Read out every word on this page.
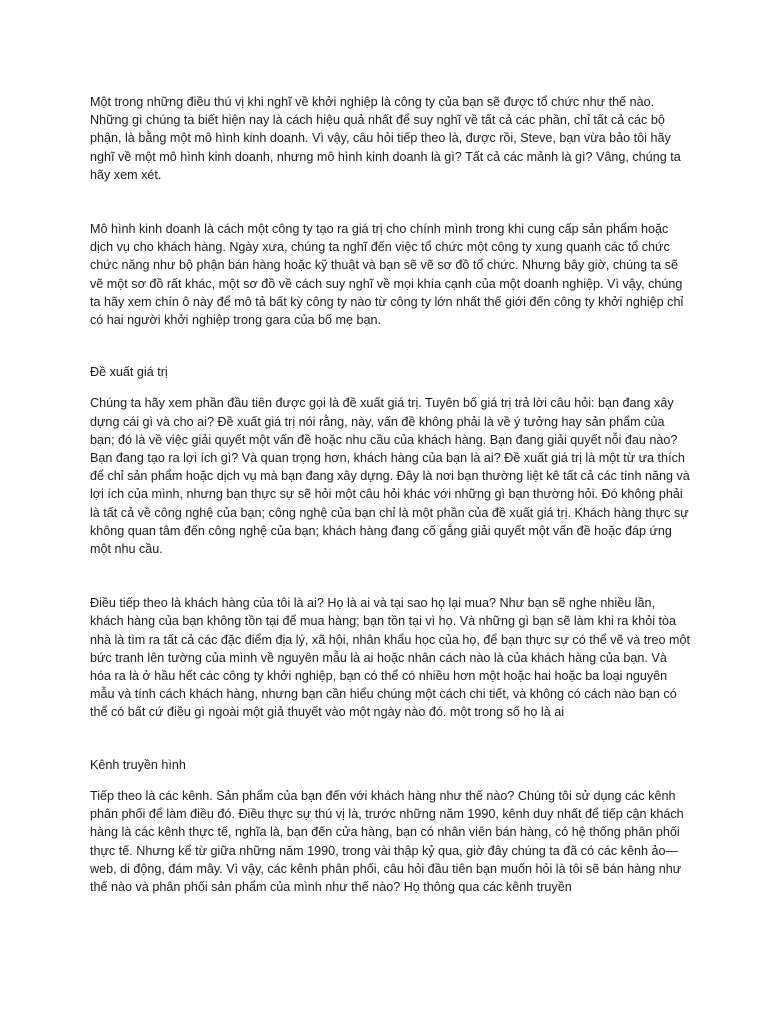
Một trong những điều thú vị khi nghĩ về khởi nghiệp là công ty của bạn sẽ được tổ chức như thế nào. Những gì chúng ta biết hiện nay là cách hiệu quả nhất để suy nghĩ về tất cả các phần, chỉ tất cả các bộ phận, là bằng một mô hình kinh doanh. Vì vậy, câu hỏi tiếp theo là, được rồi, Steve, bạn vừa bảo tôi hãy nghĩ về một mô hình kinh doanh, nhưng mô hình kinh doanh là gì? Tất cả các mảnh là gì? Vâng, chúng ta hãy xem xét.

Mô hình kinh doanh là cách một công ty tạo ra giá trị cho chính mình trong khi cung cấp sản phẩm hoặc dịch vụ cho khách hàng. Ngày xưa, chúng ta nghĩ đến việc tổ chức một công ty xung quanh các tổ chức chức năng như bộ phận bán hàng hoặc kỹ thuật và bạn sẽ vẽ sơ đồ tổ chức. Nhưng bây giờ, chúng ta sẽ vẽ một sơ đồ rất khác, một sơ đồ về cách suy nghĩ về mọi khía cạnh của một doanh nghiệp. Vì vậy, chúng ta hãy xem chín ô này để mô tả bất kỳ công ty nào từ công ty lớn nhất thế giới đến công ty khởi nghiệp chỉ có hai người khởi nghiệp trong gara của bố mẹ bạn.

Đề xuất giá trị

Chúng ta hãy xem phần đầu tiên được gọi là đề xuất giá trị. Tuyên bố giá trị trả lời câu hỏi: bạn đang xây dựng cái gì và cho ai? Đề xuất giá trị nói rằng, này, vấn đề không phải là về ý tưởng hay sản phẩm của bạn; đó là về việc giải quyết một vấn đề hoặc nhu cầu của khách hàng. Bạn đang giải quyết nỗi đau nào? Bạn đang tạo ra lợi ích gì? Và quan trọng hơn, khách hàng của bạn là ai? Đề xuất giá trị là một từ ưa thích để chỉ sản phẩm hoặc dịch vụ mà bạn đang xây dựng. Đây là nơi bạn thường liệt kê tất cả các tính năng và lợi ích của mình, nhưng bạn thực sự sẽ hỏi một câu hỏi khác với những gì bạn thường hỏi. Đó không phải là tất cả về công nghệ của bạn; công nghệ của bạn chỉ là một phần của đề xuất giá trị. Khách hàng thực sự không quan tâm đến công nghệ của bạn; khách hàng đang cố gắng giải quyết một vấn đề hoặc đáp ứng một nhu cầu.

Điều tiếp theo là khách hàng của tôi là ai? Họ là ai và tại sao họ lại mua? Như bạn sẽ nghe nhiều lần, khách hàng của bạn không tồn tại để mua hàng; bạn tồn tại vì họ. Và những gì bạn sẽ làm khi ra khỏi tòa nhà là tìm ra tất cả các đặc điểm địa lý, xã hội, nhân khẩu học của họ, để bạn thực sự có thể vẽ và treo một bức tranh lên tường của mình về nguyên mẫu là ai hoặc nhân cách nào là của khách hàng của bạn. Và hóa ra là ở hầu hết các công ty khởi nghiệp, bạn có thể có nhiều hơn một hoặc hai hoặc ba loại nguyên mẫu và tính cách khách hàng, nhưng bạn cần hiểu chúng một cách chi tiết, và không có cách nào bạn có thể có bất cứ điều gì ngoài một giả thuyết vào một ngày nào đó. một trong số họ là ai

Kênh truyền hình

Tiếp theo là các kênh. Sản phẩm của bạn đến với khách hàng như thế nào? Chúng tôi sử dụng các kênh phân phối để làm điều đó. Điều thực sự thú vị là, trước những năm 1990, kênh duy nhất để tiếp cận khách hàng là các kênh thực tế, nghĩa là, bạn đến cửa hàng, bạn có nhân viên bán hàng, có hệ thống phân phối thực tế. Nhưng kể từ giữa những năm 1990, trong vài thập kỷ qua, giờ đây chúng ta đã có các kênh ảo—web, di động, đám mây. Vì vậy, các kênh phân phối, câu hỏi đầu tiên bạn muốn hỏi là tôi sẽ bán hàng như thế nào và phân phối sản phẩm của mình như thế nào? Họ thông qua các kênh truyền
